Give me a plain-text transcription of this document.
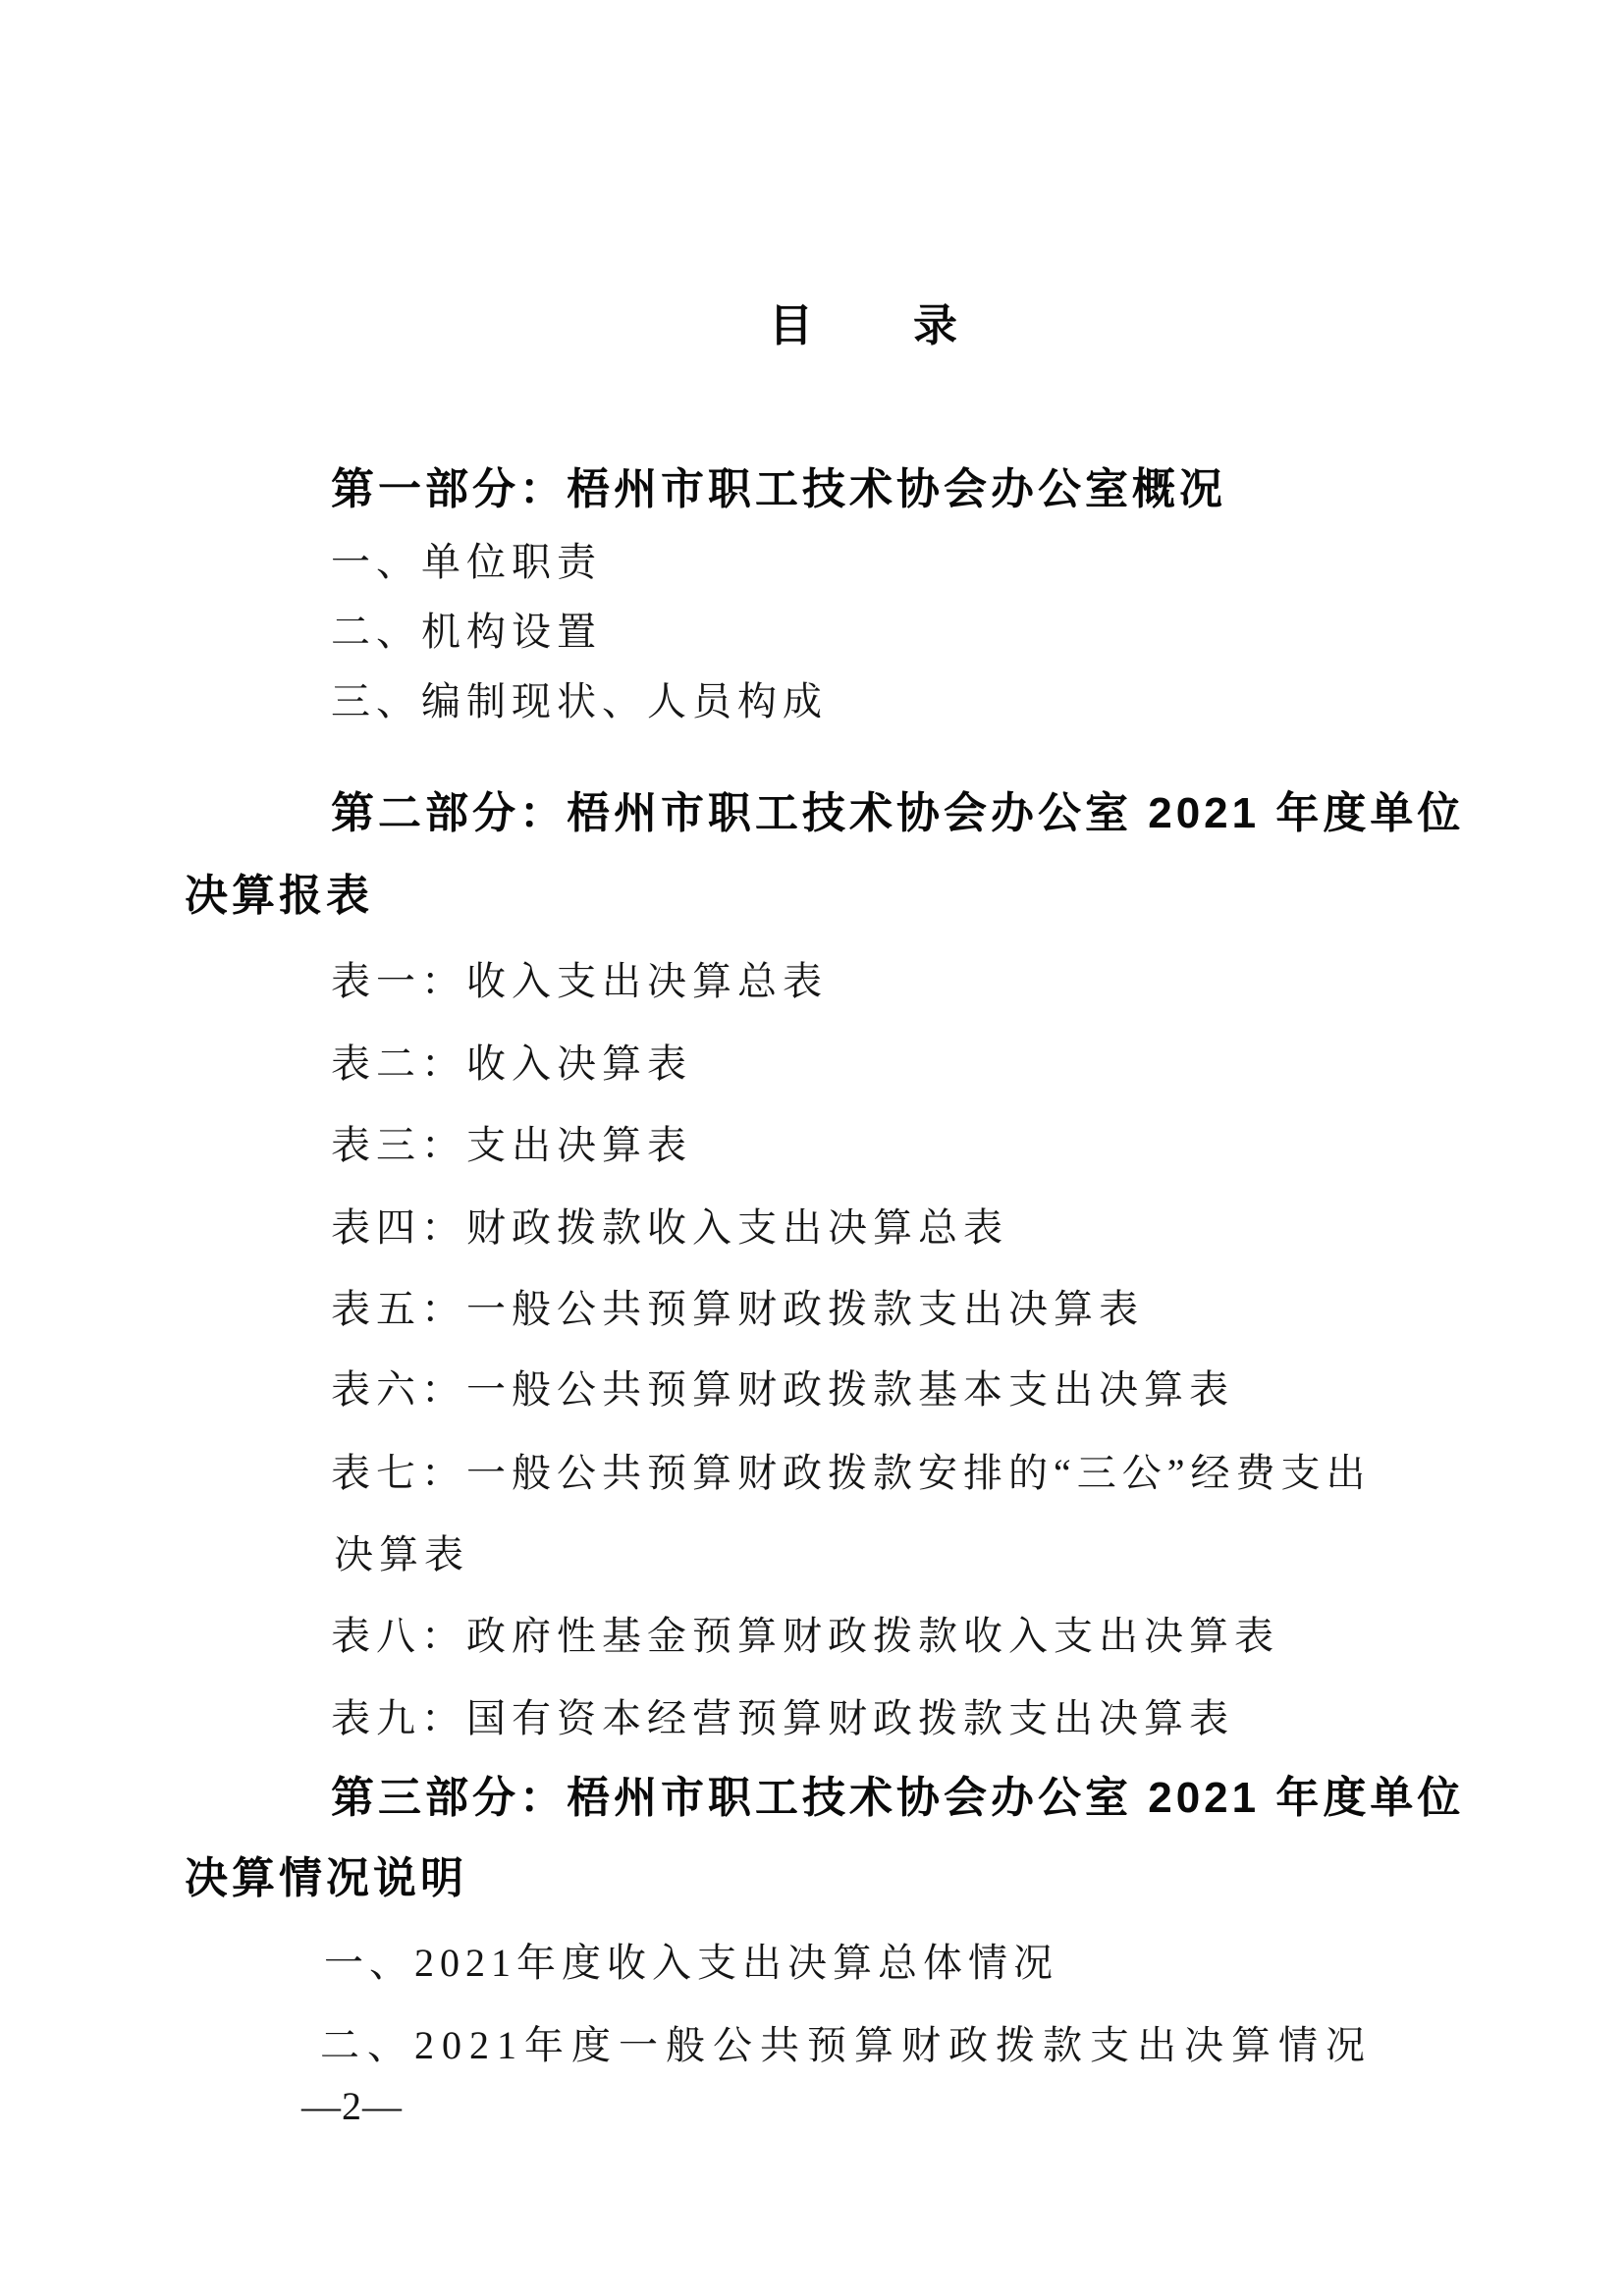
目　　录
第一部分：梧州市职工技术协会办公室概况
一、单位职责
二、机构设置
三、编制现状、人员构成
第二部分：梧州市职工技术协会办公室 2021 年度单位
决算报表
表一：收入支出决算总表
表二：收入决算表
表三：支出决算表
表四：财政拨款收入支出决算总表
表五：一般公共预算财政拨款支出决算表
表六：一般公共预算财政拨款基本支出决算表
表七：一般公共预算财政拨款安排的“三公”经费支出
决算表
表八：政府性基金预算财政拨款收入支出决算表
表九：国有资本经营预算财政拨款支出决算表
第三部分：梧州市职工技术协会办公室 2021 年度单位
决算情况说明
一、2021年度收入支出决算总体情况
二、2021年度一般公共预算财政拨款支出决算情况
—2—
